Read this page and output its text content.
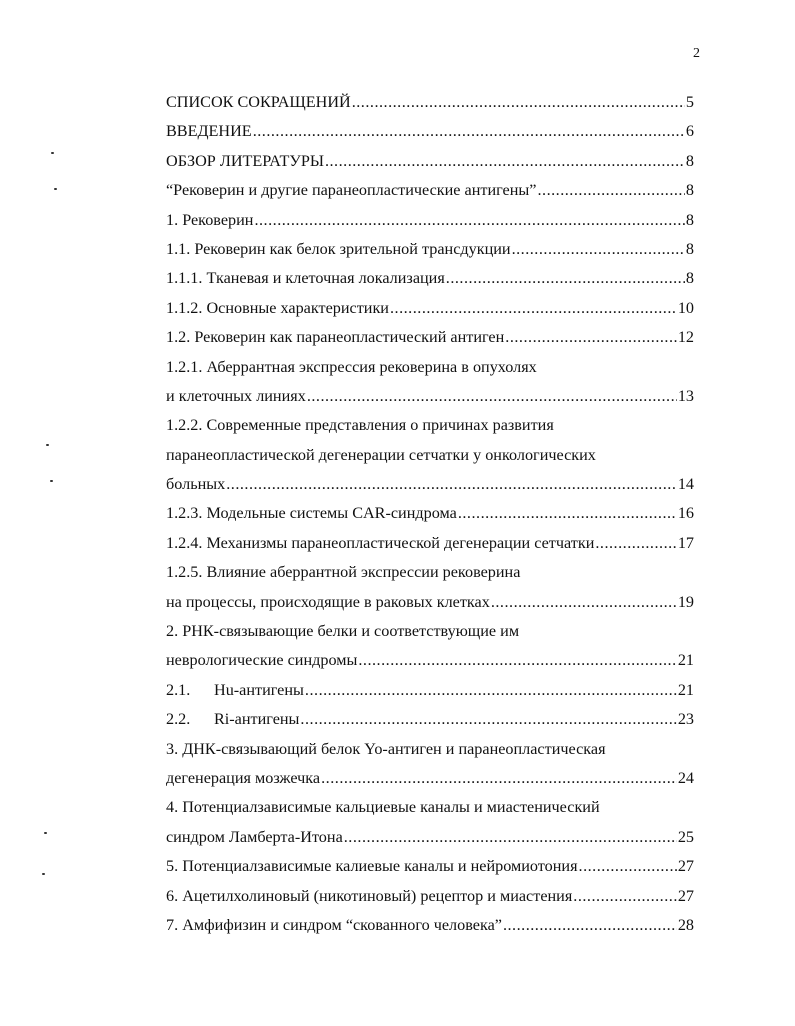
2
СПИСОК СОКРАЩЕНИЙ .....	5
ВВЕДЕНИЕ .....	6
ОБЗОР ЛИТЕРАТУРЫ .....	8
“Рековерин и другие паранеопластические антигены” .....	8
1. Рековерин .....	8
1.1. Рековерин как белок зрительной трансдукции .....	8
1.1.1. Тканевая и клеточная локализация .....	8
1.1.2. Основные характеристики .....	10
1.2. Рековерин как паранеопластический антиген .....	12
1.2.1. Аберрантная экспрессия рековерина в опухолях
и клеточных линиях .....	13
1.2.2. Современные представления о причинах развития
паранеопластической дегенерации сетчатки у онкологических
больных .....	14
1.2.3. Модельные системы CAR-синдрома .....	16
1.2.4. Механизмы паранеопластической дегенерации сетчатки .....	17
1.2.5. Влияние аберрантной экспрессии рековерина
на процессы, происходящие в раковых клетках .....	19
2. РНК-связывающие белки и соответствующие им
неврологические синдромы .....	21
2.1.	Hu-антигены .....	21
2.2.	Ri-антигены .....	23
3. ДНК-связывающий белок Yo-антиген и паранеопластическая
дегенерация мозжечка .....	24
4. Потенциалзависимые кальциевые каналы и миастенический
синдром Ламберта-Итона .....	25
5. Потенциалзависимые калиевые каналы и нейромиотония .....	27
6. Ацетилхолиновый (никотиновый) рецептор и миастения .....	27
7. Амфифизин и синдром “скованного человека” .....	28
